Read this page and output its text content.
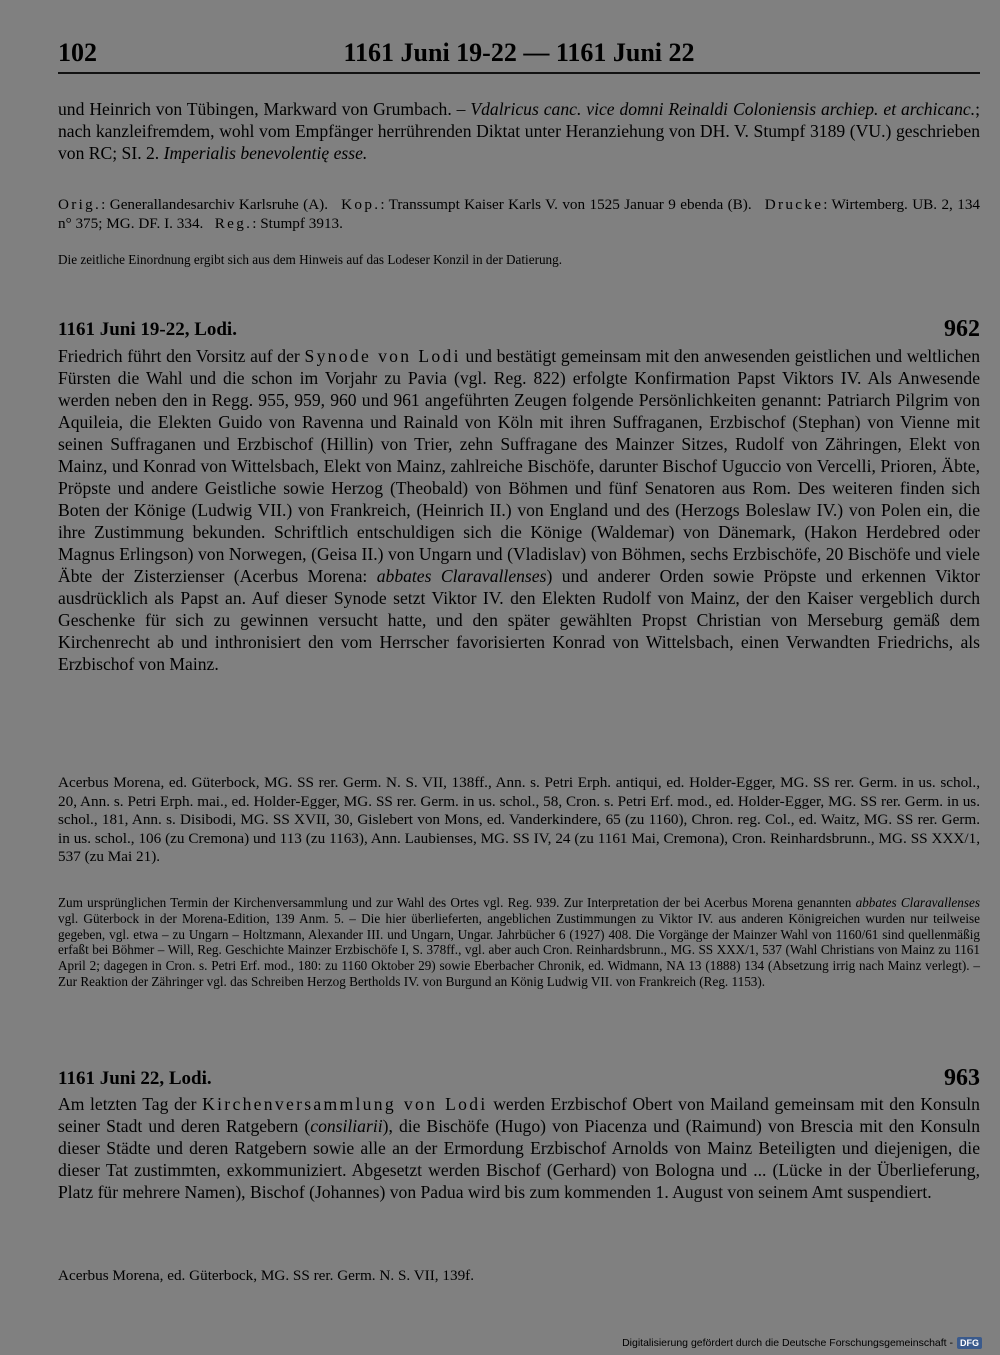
102	1161 Juni 19-22 — 1161 Juni 22
und Heinrich von Tübingen, Markward von Grumbach. – Vdalricus canc. vice domni Reinaldi Coloniensis archiep. et archicanc.; nach kanzleifremdem, wohl vom Empfänger herrührenden Diktat unter Heranziehung von DH. V. Stumpf 3189 (VU.) geschrieben von RC; SI. 2. Imperialis benevolentię esse.
Orig.: Generallandesarchiv Karlsruhe (A). Kop.: Transsumpt Kaiser Karls V. von 1525 Januar 9 ebenda (B). Drucke: Wirtemberg. UB. 2, 134 n° 375; MG. DF. I. 334. Reg.: Stumpf 3913.
Die zeitliche Einordnung ergibt sich aus dem Hinweis auf das Lodeser Konzil in der Datierung.
1161 Juni 19-22, Lodi.	962
Friedrich führt den Vorsitz auf der Synode von Lodi und bestätigt gemeinsam mit den anwesenden geistlichen und weltlichen Fürsten die Wahl und die schon im Vorjahr zu Pavia (vgl. Reg. 822) erfolgte Konfirmation Papst Viktors IV. Als Anwesende werden neben den in Regg. 955, 959, 960 und 961 angeführten Zeugen folgende Persönlichkeiten genannt: Patriarch Pilgrim von Aquileia, die Elekten Guido von Ravenna und Rainald von Köln mit ihren Suffraganen, Erzbischof (Stephan) von Vienne mit seinen Suffraganen und Erzbischof (Hillin) von Trier, zehn Suffragane des Mainzer Sitzes, Rudolf von Zähringen, Elekt von Mainz, und Konrad von Wittelsbach, Elekt von Mainz, zahlreiche Bischöfe, darunter Bischof Uguccio von Vercelli, Prioren, Äbte, Pröpste und andere Geistliche sowie Herzog (Theobald) von Böhmen und fünf Senatoren aus Rom. Des weiteren finden sich Boten der Könige (Ludwig VII.) von Frankreich, (Heinrich II.) von England und des (Herzogs Boleslaw IV.) von Polen ein, die ihre Zustimmung bekunden. Schriftlich entschuldigen sich die Könige (Waldemar) von Dänemark, (Hakon Herdebred oder Magnus Erlingson) von Norwegen, (Geisa II.) von Ungarn und (Vladislav) von Böhmen, sechs Erzbischöfe, 20 Bischöfe und viele Äbte der Zisterzienser (Acerbus Morena: abbates Claravallenses) und anderer Orden sowie Pröpste und erkennen Viktor ausdrücklich als Papst an. Auf dieser Synode setzt Viktor IV. den Elekten Rudolf von Mainz, der den Kaiser vergeblich durch Geschenke für sich zu gewinnen versucht hatte, und den später gewählten Propst Christian von Merseburg gemäß dem Kirchenrecht ab und inthronisiert den vom Herrscher favorisierten Konrad von Wittelsbach, einen Verwandten Friedrichs, als Erzbischof von Mainz.
Acerbus Morena, ed. Güterbock, MG. SS rer. Germ. N. S. VII, 138ff., Ann. s. Petri Erph. antiqui, ed. Holder-Egger, MG. SS rer. Germ. in us. schol., 20, Ann. s. Petri Erph. mai., ed. Holder-Egger, MG. SS rer. Germ. in us. schol., 58, Cron. s. Petri Erf. mod., ed. Holder-Egger, MG. SS rer. Germ. in us. schol., 181, Ann. s. Disibodi, MG. SS XVII, 30, Gislebert von Mons, ed. Vanderkindere, 65 (zu 1160), Chron. reg. Col., ed. Waitz, MG. SS rer. Germ. in us. schol., 106 (zu Cremona) und 113 (zu 1163), Ann. Laubienses, MG. SS IV, 24 (zu 1161 Mai, Cremona), Cron. Reinhardsbrunn., MG. SS XXX/1, 537 (zu Mai 21).
Zum ursprünglichen Termin der Kirchenversammlung und zur Wahl des Ortes vgl. Reg. 939. Zur Interpretation der bei Acerbus Morena genannten abbates Claravallenses vgl. Güterbock in der Morena-Edition, 139 Anm. 5. – Die hier überlieferten, angeblichen Zustimmungen zu Viktor IV. aus anderen Königreichen wurden nur teilweise gegeben, vgl. etwa – zu Ungarn – Holtzmann, Alexander III. und Ungarn, Ungar. Jahrbücher 6 (1927) 408. Die Vorgänge der Mainzer Wahl von 1160/61 sind quellenmäßig erfaßt bei Böhmer – Will, Reg. Geschichte Mainzer Erzbischöfe I, S. 378ff., vgl. aber auch Cron. Reinhardsbrunn., MG. SS XXX/1, 537 (Wahl Christians von Mainz zu 1161 April 2; dagegen in Cron. s. Petri Erf. mod., 180: zu 1160 Oktober 29) sowie Eberbacher Chronik, ed. Widmann, NA 13 (1888) 134 (Absetzung irrig nach Mainz verlegt). – Zur Reaktion der Zähringer vgl. das Schreiben Herzog Bertholds IV. von Burgund an König Ludwig VII. von Frankreich (Reg. 1153).
1161 Juni 22, Lodi.	963
Am letzten Tag der Kirchenversammlung von Lodi werden Erzbischof Obert von Mailand gemeinsam mit den Konsuln seiner Stadt und deren Ratgebern (consiliarii), die Bischöfe (Hugo) von Piacenza und (Raimund) von Brescia mit den Konsuln dieser Städte und deren Ratgebern sowie alle an der Ermordung Erzbischof Arnolds von Mainz Beteiligten und diejenigen, die dieser Tat zustimmten, exkommuniziert. Abgesetzt werden Bischof (Gerhard) von Bologna und ... (Lücke in der Überlieferung, Platz für mehrere Namen), Bischof (Johannes) von Padua wird bis zum kommenden 1. August von seinem Amt suspendiert.
Acerbus Morena, ed. Güterbock, MG. SS rer. Germ. N. S. VII, 139f.
Digitalisierung gefördert durch die Deutsche Forschungsgemeinschaft - DFG
